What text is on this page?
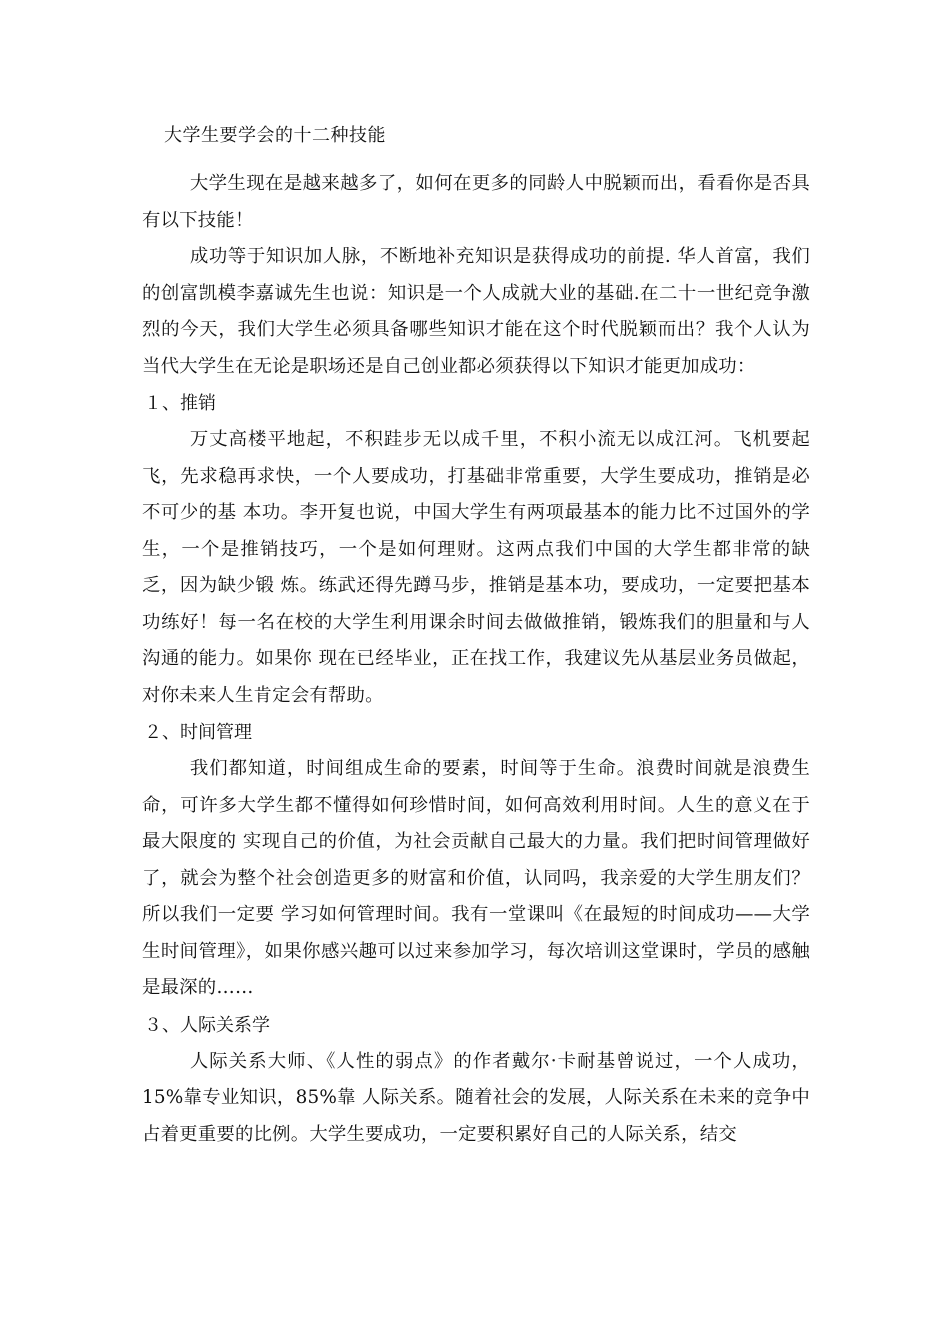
大学生要学会的十二种技能

大学生现在是越来越多了，如何在更多的同龄人中脱颖而出，看看你是否具有以下技能！

成功等于知识加人脉，不断地补充知识是获得成功的前提. 华人首富，我们的创富凯模李嘉诚先生也说：知识是一个人成就大业的基础.在二十一世纪竞争激烈的今天，我们大学生必须具备哪些知识才能在这个时代脱颖而出？我个人认为当代大学生在无论是职场还是自己创业都必须获得以下知识才能更加成功：

１、推销

万丈高楼平地起，不积跬步无以成千里，不积小流无以成江河。飞机要起飞，先求稳再求快，一个人要成功，打基础非常重要，大学生要成功，推销是必不可少的基 本功。李开复也说，中国大学生有两项最基本的能力比不过国外的学生，一个是推销技巧，一个是如何理财。这两点我们中国的大学生都非常的缺乏，因为缺少锻 炼。练武还得先蹲马步，推销是基本功，要成功，一定要把基本功练好！每一名在校的大学生利用课余时间去做做推销，锻炼我们的胆量和与人沟通的能力。如果你 现在已经毕业，正在找工作，我建议先从基层业务员做起，对你未来人生肯定会有帮助。

２、时间管理

我们都知道，时间组成生命的要素，时间等于生命。浪费时间就是浪费生命，可许多大学生都不懂得如何珍惜时间，如何高效利用时间。人生的意义在于最大限度的 实现自己的价值，为社会贡献自己最大的力量。我们把时间管理做好了，就会为整个社会创造更多的财富和价值，认同吗，我亲爱的大学生朋友们？所以我们一定要 学习如何管理时间。我有一堂课叫《在最短的时间成功——大学生时间管理》，如果你感兴趣可以过来参加学习，每次培训这堂课时，学员的感触是最深的……

３、人际关系学

人际关系大师、《人性的弱点》的作者戴尔·卡耐基曾说过，一个人成功，15%靠专业知识，85%靠 人际关系。随着社会的发展，人际关系在未来的竞争中占着更重要的比例。大学生要成功，一定要积累好自己的人际关系，结交
